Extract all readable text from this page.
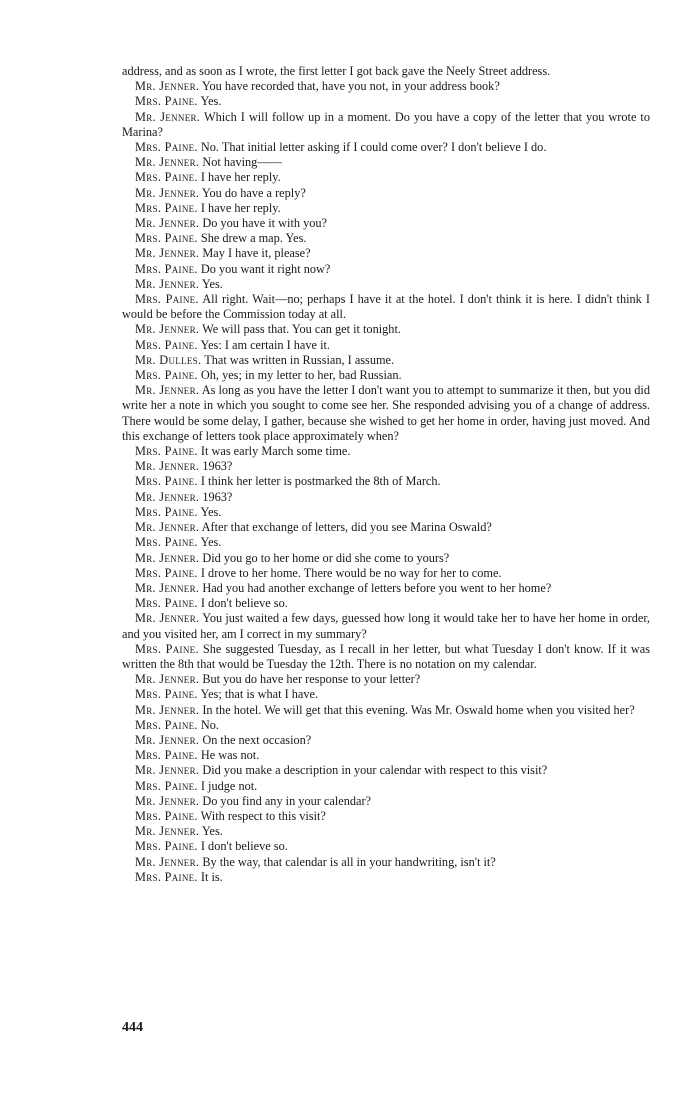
address, and as soon as I wrote, the first letter I got back gave the Neely Street address.

Mr. Jenner. You have recorded that, have you not, in your address book?

Mrs. Paine. Yes.

Mr. Jenner. Which I will follow up in a moment. Do you have a copy of the letter that you wrote to Marina?

Mrs. Paine. No. That initial letter asking if I could come over? I don't believe I do.

Mr. Jenner. Not having——

Mrs. Paine. I have her reply.

Mr. Jenner. You do have a reply?

Mrs. Paine. I have her reply.

Mr. Jenner. Do you have it with you?

Mrs. Paine. She drew a map. Yes.

Mr. Jenner. May I have it, please?

Mrs. Paine. Do you want it right now?

Mr. Jenner. Yes.

Mrs. Paine. All right. Wait—no; perhaps I have it at the hotel. I don't think it is here. I didn't think I would be before the Commission today at all.

Mr. Jenner. We will pass that. You can get it tonight.

Mrs. Paine. Yes: I am certain I have it.

Mr. Dulles. That was written in Russian, I assume.

Mrs. Paine. Oh, yes; in my letter to her, bad Russian.

Mr. Jenner. As long as you have the letter I don't want you to attempt to summarize it then, but you did write her a note in which you sought to come see her. She responded advising you of a change of address. There would be some delay, I gather, because she wished to get her home in order, having just moved. And this exchange of letters took place approximately when?

Mrs. Paine. It was early March some time.

Mr. Jenner. 1963?

Mrs. Paine. I think her letter is postmarked the 8th of March.

Mr. Jenner. 1963?

Mrs. Paine. Yes.

Mr. Jenner. After that exchange of letters, did you see Marina Oswald?

Mrs. Paine. Yes.

Mr. Jenner. Did you go to her home or did she come to yours?

Mrs. Paine. I drove to her home. There would be no way for her to come.

Mr. Jenner. Had you had another exchange of letters before you went to her home?

Mrs. Paine. I don't believe so.

Mr. Jenner. You just waited a few days, guessed how long it would take her to have her home in order, and you visited her, am I correct in my summary?

Mrs. Paine. She suggested Tuesday, as I recall in her letter, but what Tuesday I don't know. If it was written the 8th that would be Tuesday the 12th. There is no notation on my calendar.

Mr. Jenner. But you do have her response to your letter?

Mrs. Paine. Yes; that is what I have.

Mr. Jenner. In the hotel. We will get that this evening. Was Mr. Oswald home when you visited her?

Mrs. Paine. No.

Mr. Jenner. On the next occasion?

Mrs. Paine. He was not.

Mr. Jenner. Did you make a description in your calendar with respect to this visit?

Mrs. Paine. I judge not.

Mr. Jenner. Do you find any in your calendar?

Mrs. Paine. With respect to this visit?

Mr. Jenner. Yes.

Mrs. Paine. I don't believe so.

Mr. Jenner. By the way, that calendar is all in your handwriting, isn't it?

Mrs. Paine. It is.

444
